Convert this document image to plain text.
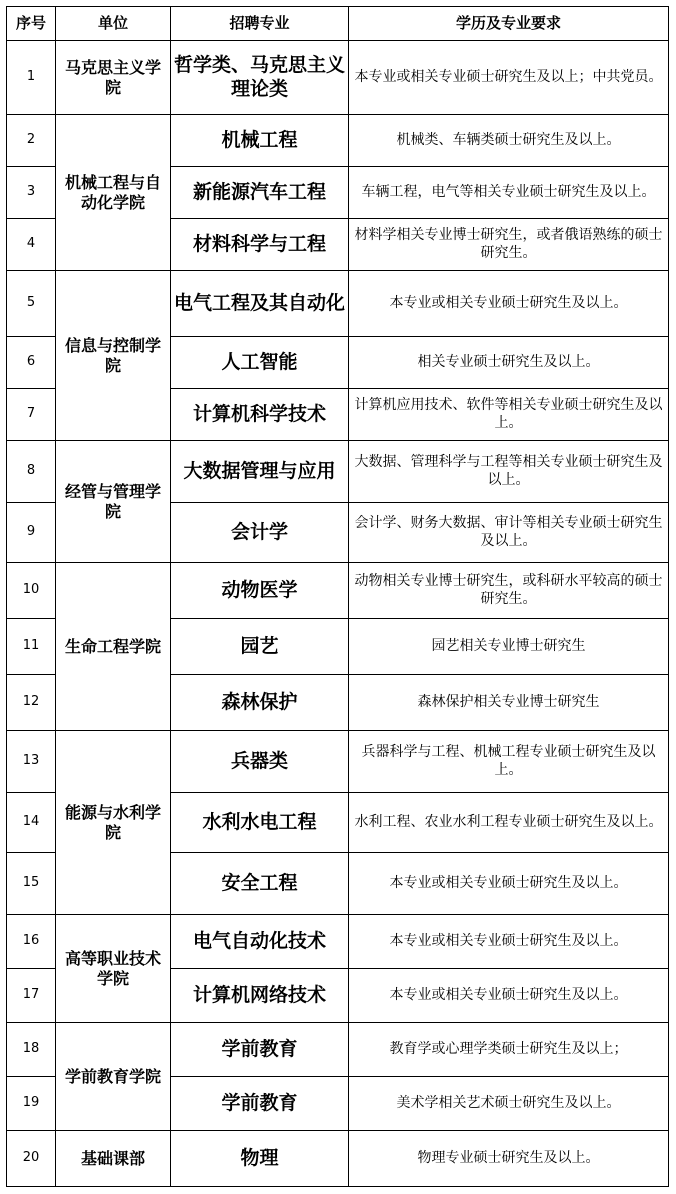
序号	单位	招聘专业	学历及专业要求
1	马克思主义学院	哲学类、马克思主义理论类	本专业或相关专业硕士研究生及以上；中共党员。
2	机械工程与自动化学院	机械工程	机械类、车辆类硕士研究生及以上。
3		新能源汽车工程	车辆工程，电气等相关专业硕士研究生及以上。
4		材料科学与工程	材料学相关专业博士研究生，或者俄语熟练的硕士研究生。
5	信息与控制学院	电气工程及其自动化	本专业或相关专业硕士研究生及以上。
6		人工智能	相关专业硕士研究生及以上。
7		计算机科学技术	计算机应用技术、软件等相关专业硕士研究生及以上。
8	经管与管理学院	大数据管理与应用	大数据、管理科学与工程等相关专业硕士研究生及以上。
9		会计学	会计学、财务大数据、审计等相关专业硕士研究生及以上。
10	生命工程学院	动物医学	动物相关专业博士研究生，或科研水平较高的硕士研究生。
11		园艺	园艺相关专业博士研究生
12		森林保护	森林保护相关专业博士研究生
13	能源与水利学院	兵器类	兵器科学与工程、机械工程专业硕士研究生及以上。
14		水利水电工程	水利工程、农业水利工程专业硕士研究生及以上。
15		安全工程	本专业或相关专业硕士研究生及以上。
16	高等职业技术学院	电气自动化技术	本专业或相关专业硕士研究生及以上。
17		计算机网络技术	本专业或相关专业硕士研究生及以上。
18	学前教育学院	学前教育	教育学或心理学类硕士研究生及以上；
19		学前教育	美术学相关艺术硕士研究生及以上。
20	基础课部	物理	物理专业硕士研究生及以上。
